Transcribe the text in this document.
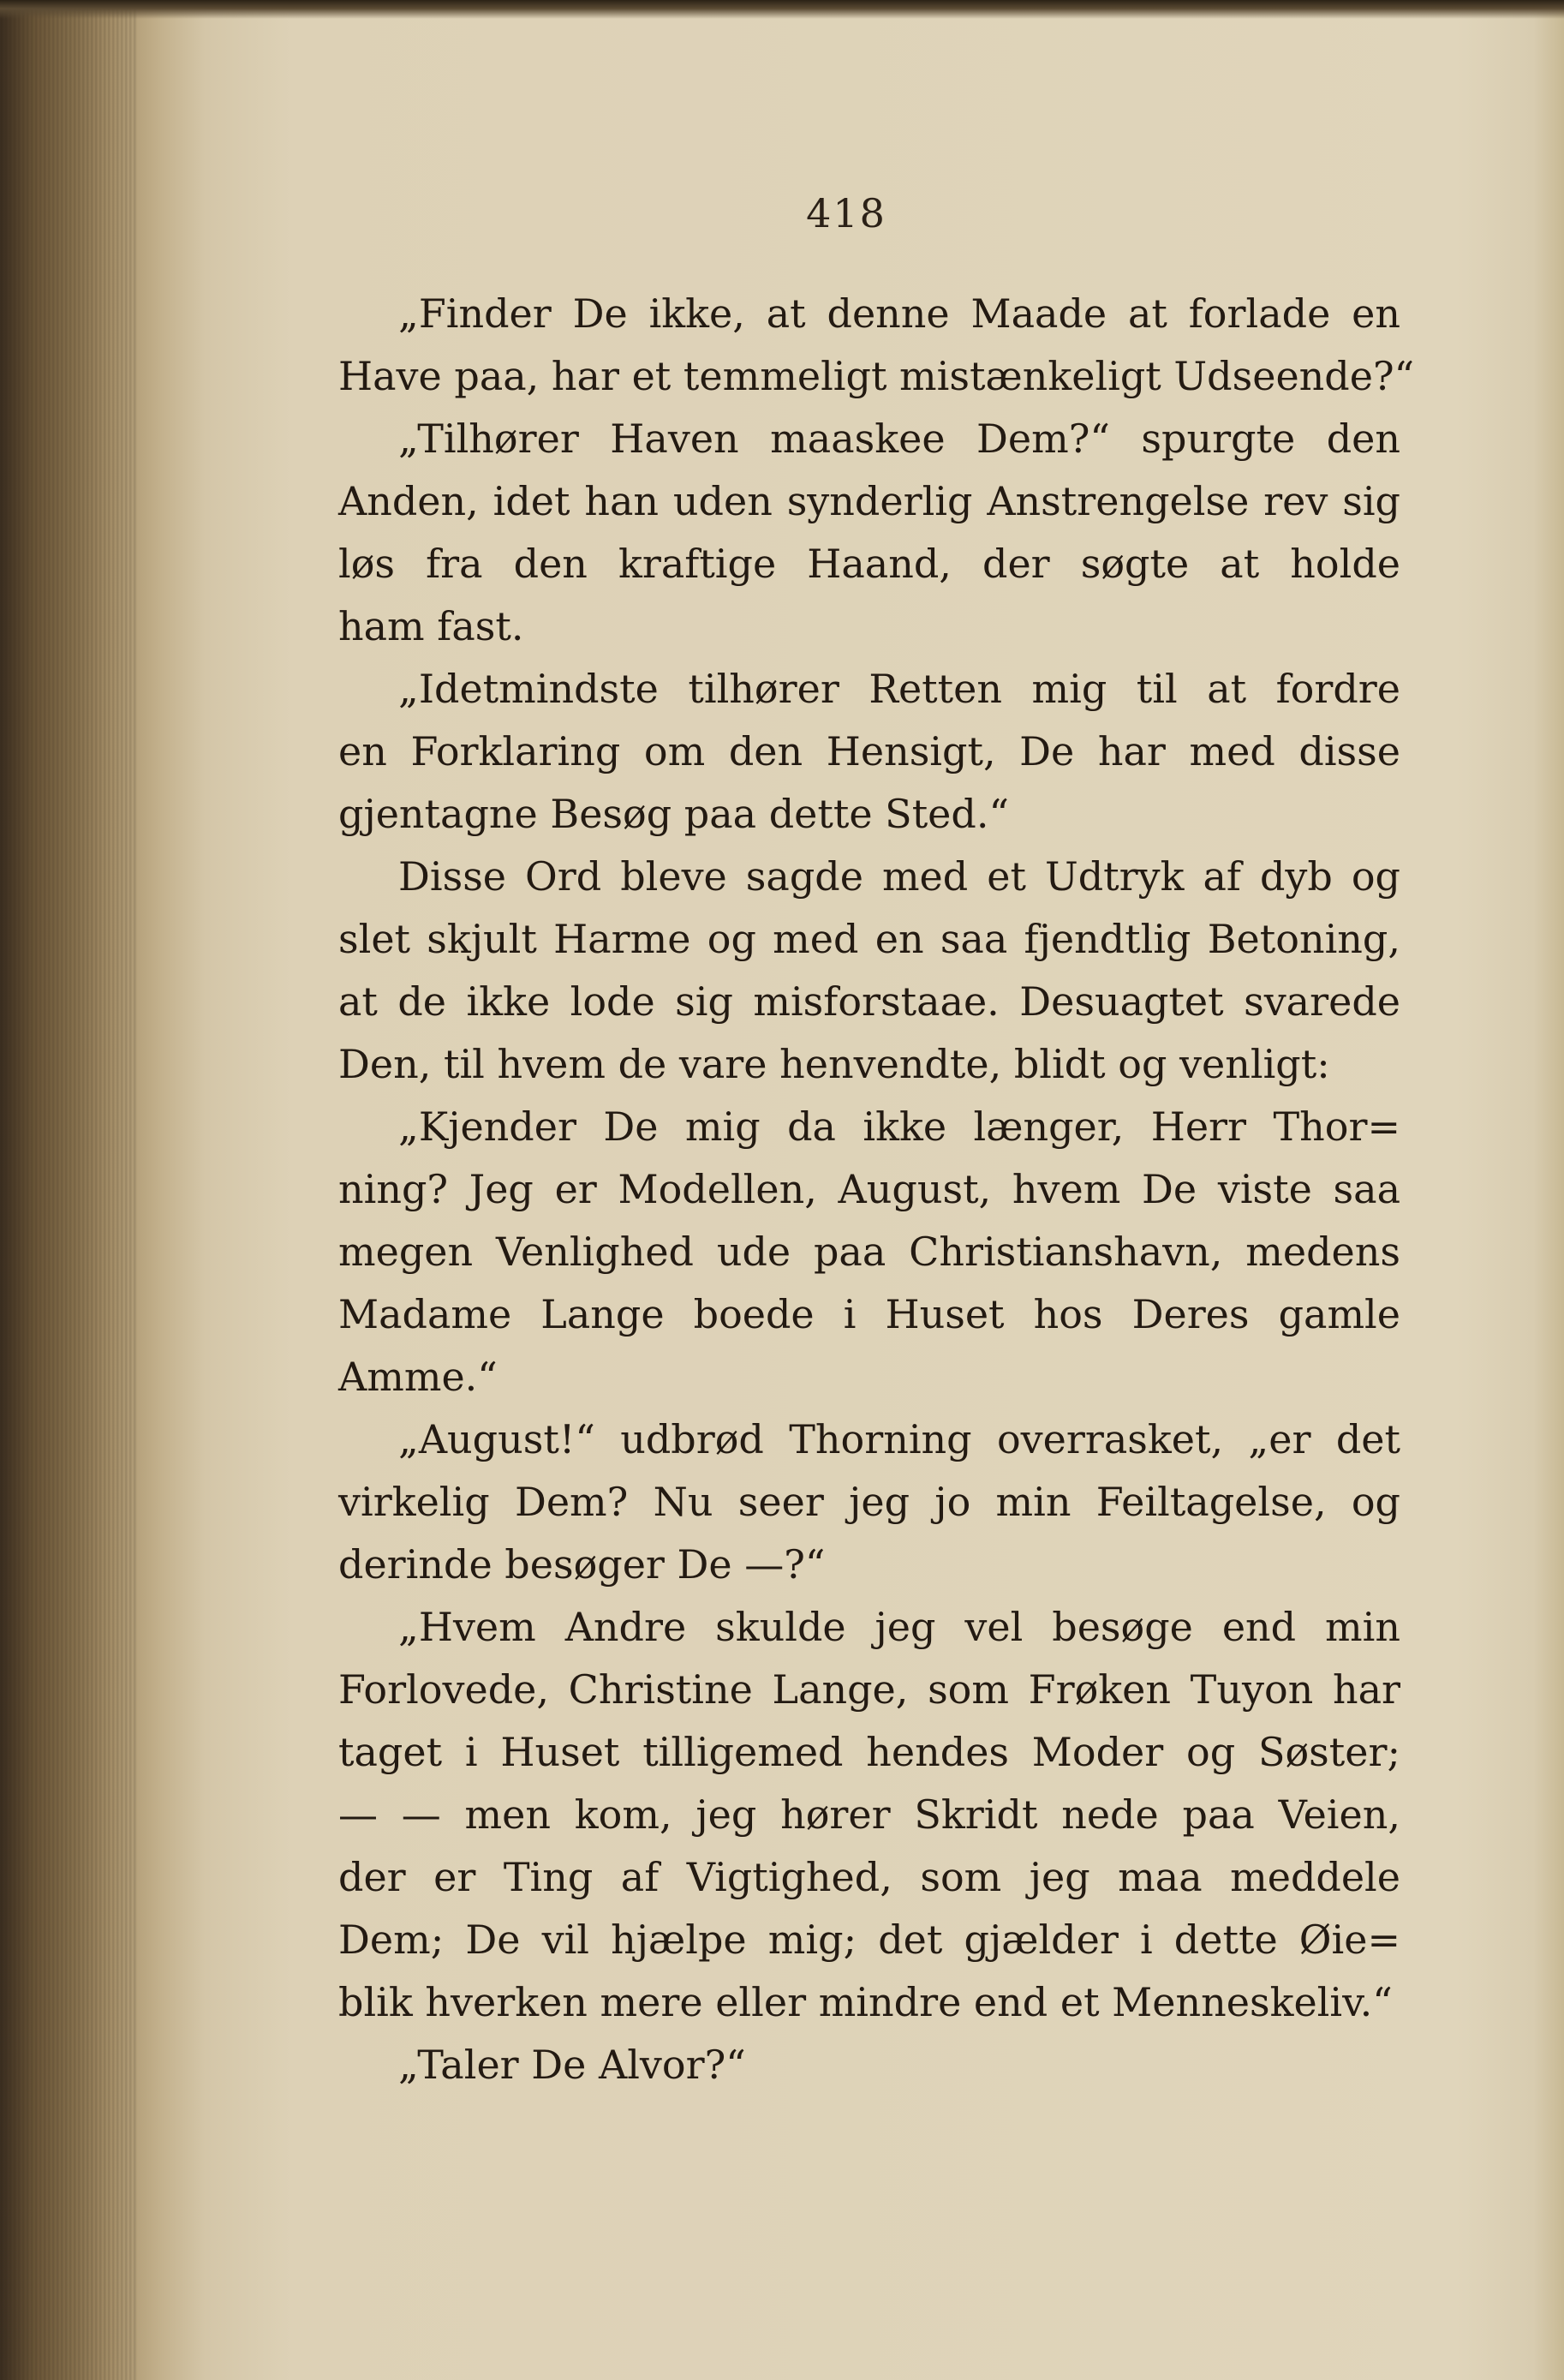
418
„Finder De ikke, at denne Maade at forlade en
Have paa, har et temmeligt mistænkeligt Udseende?“
„Tilhører Haven maaskee Dem?“ spurgte den
Anden, idet han uden synderlig Anstrengelse rev sig
løs fra den kraftige Haand, der søgte at holde
ham fast.
„Idetmindste tilhører Retten mig til at fordre
en Forklaring om den Hensigt, De har med disse
gjentagne Besøg paa dette Sted.“
Disse Ord bleve sagde med et Udtryk af dyb og
slet skjult Harme og med en saa fjendtlig Betoning,
at de ikke lode sig misforstaae. Desuagtet svarede
Den, til hvem de vare henvendte, blidt og venligt:
„Kjender De mig da ikke længer, Herr Thor=
ning? Jeg er Modellen, August, hvem De viste saa
megen Venlighed ude paa Christianshavn, medens
Madame Lange boede i Huset hos Deres gamle
Amme.“
„August!“ udbrød Thorning overrasket, „er det
virkelig Dem? Nu seer jeg jo min Feiltagelse, og
derinde besøger De —?“
„Hvem Andre skulde jeg vel besøge end min
Forlovede, Christine Lange, som Frøken Tuyon har
taget i Huset tilligemed hendes Moder og Søster;
— — men kom, jeg hører Skridt nede paa Veien,
der er Ting af Vigtighed, som jeg maa meddele
Dem; De vil hjælpe mig; det gjælder i dette Øie=
blik hverken mere eller mindre end et Menneskeliv.“
„Taler De Alvor?“
